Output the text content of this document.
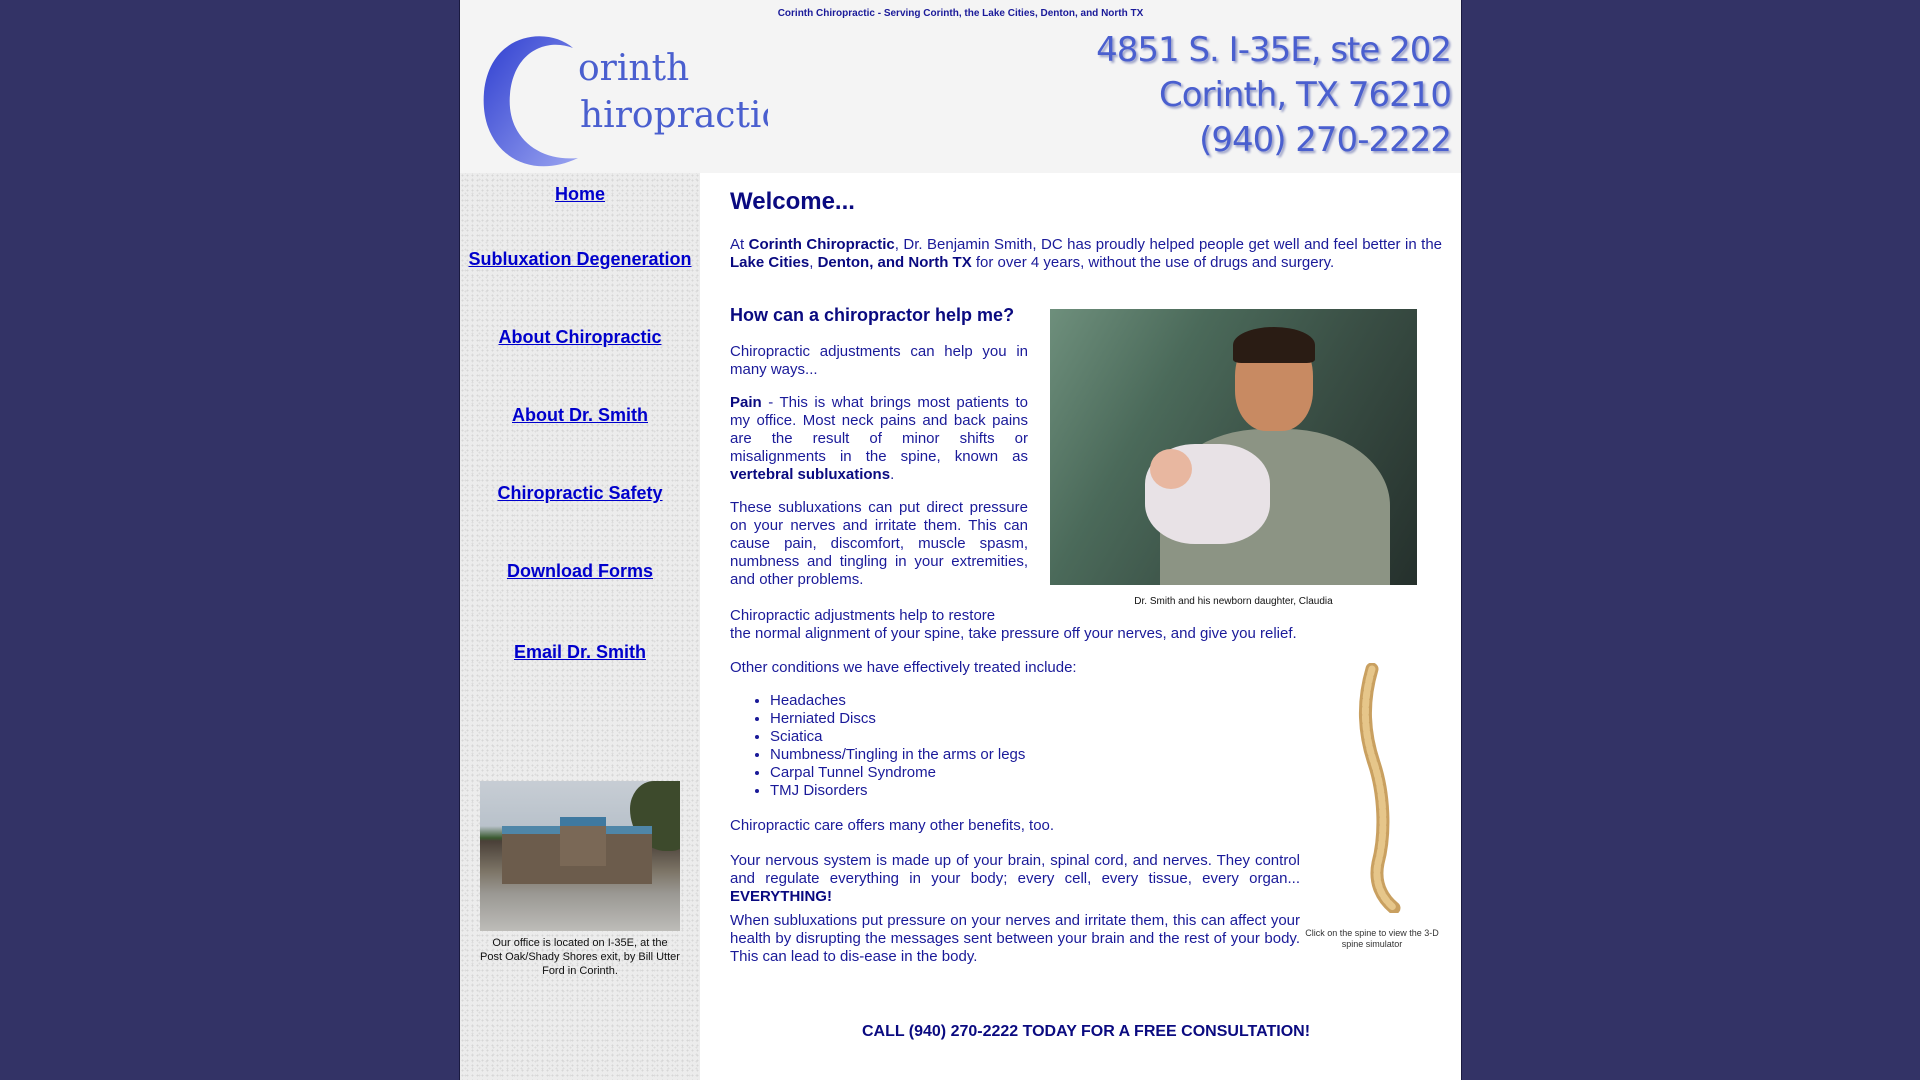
Corinth Chiropractic - Serving Corinth, the Lake Cities, Denton, and North TX
orinth
hiropractic
4851 S. I-35E, ste 202
Corinth, TX 76210
(940) 270-2222
Home
Subluxation Degeneration
About Chiropractic
About Dr. Smith
Chiropractic Safety
Download Forms
Email Dr. Smith
Our office is located on I-35E, at the Post Oak/Shady Shores exit, by Bill Utter Ford in Corinth.
Welcome...

At Corinth Chiropractic, Dr. Benjamin Smith, DC has proudly helped people get well and feel better in the Lake Cities, Denton, and North TX for over 4 years, without the use of drugs and surgery.

How can a chiropractor help me?

Chiropractic adjustments can help you in many ways...

Pain - This is what brings most patients to my office. Most neck pains and back pains are the result of minor shifts or misalignments in the spine, known as vertebral subluxations.

These subluxations can put direct pressure on your nerves and irritate them. This can cause pain, discomfort, muscle spasm, numbness and tingling in your extremities, and other problems.

Dr. Smith and his newborn daughter, Claudia

Chiropractic adjustments help to restore

the normal alignment of your spine, take pressure off your nerves, and give you relief.

Other conditions we have effectively treated include:

• Headaches
• Herniated Discs
• Sciatica
• Numbness/Tingling in the arms or legs
• Carpal Tunnel Syndrome
• TMJ Disorders
Click on the spine to view the 3-D spine simulator

Chiropractic care offers many other benefits, too.

Your nervous system is made up of your brain, spinal cord, and nerves. They control and regulate everything in your body; every cell, every tissue, every organ... EVERYTHING!

When subluxations put pressure on your nerves and irritate them, this can affect your health by disrupting the messages sent between your brain and the rest of your body. This can lead to dis-ease in the body.

CALL (940) 270-2222 TODAY FOR A FREE CONSULTATION!
